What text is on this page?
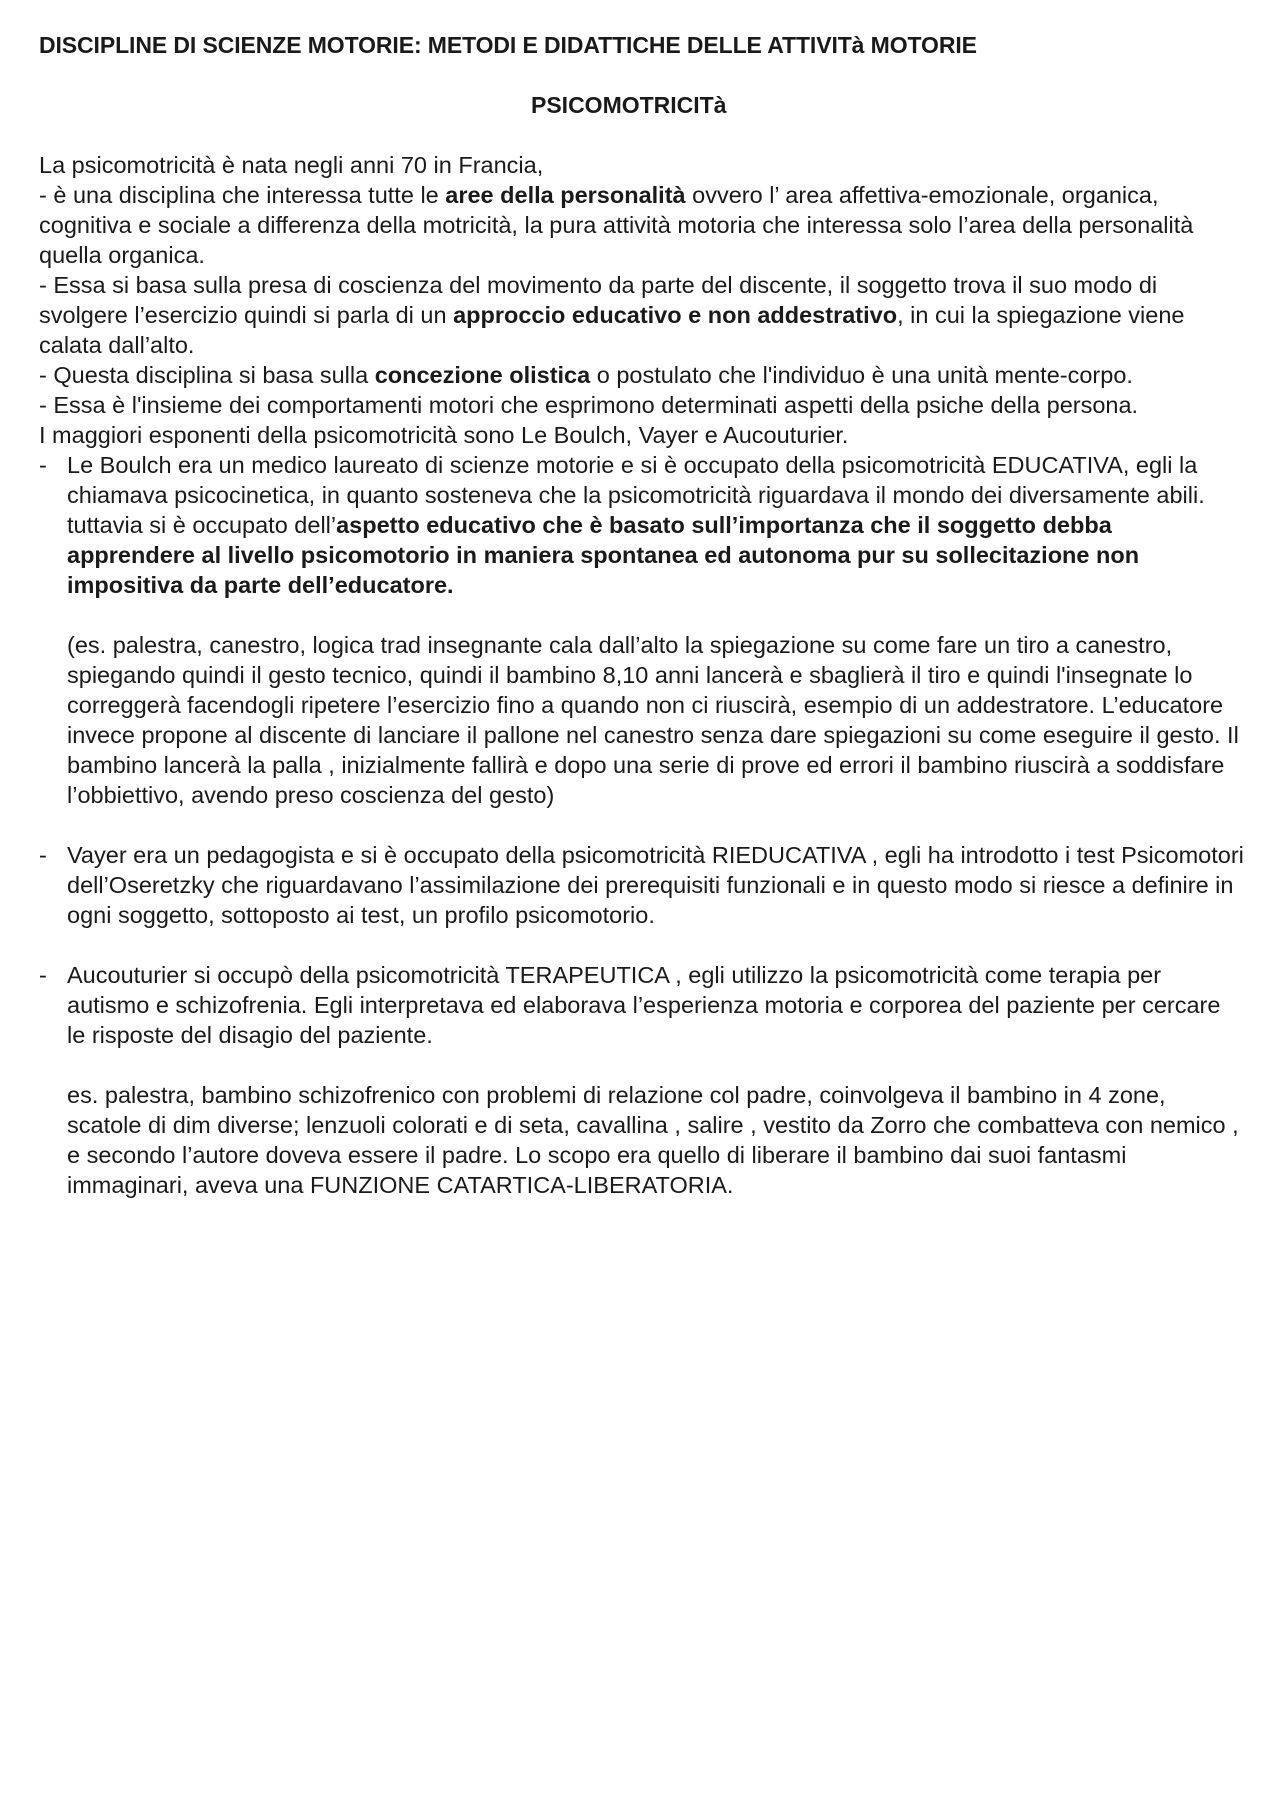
DISCIPLINE DI SCIENZE MOTORIE: METODI E DIDATTICHE DELLE ATTIVITà MOTORIE
PSICOMOTRICITà

La psicomotricità è nata negli anni 70 in Francia,

- è una disciplina che interessa tutte le aree della personalità ovvero l’ area affettiva-emozionale, organica, cognitiva e sociale a differenza della motricità, la pura attività motoria che interessa solo l’area della personalità quella organica.

- Essa si basa sulla presa di coscienza del movimento da parte del discente, il soggetto trova il suo modo di svolgere l’esercizio quindi si parla di un approccio educativo e non addestrativo, in cui la spiegazione viene calata dall’alto.

- Questa disciplina si basa sulla concezione olistica o postulato che l'individuo è una unità mente-corpo.

- Essa è l'insieme dei comportamenti motori che esprimono determinati aspetti della psiche della persona.

I maggiori esponenti della psicomotricità sono Le Boulch, Vayer e Aucouturier.

- Le Boulch era un medico laureato di scienze motorie e si è occupato della psicomotricità EDUCATIVA, egli la chiamava psicocinetica, in quanto sosteneva che la psicomotricità riguardava il mondo dei diversamente abili. tuttavia si è occupato dell’aspetto educativo che è basato sull’importanza che il soggetto debba apprendere al livello psicomotorio in maniera spontanea ed autonoma pur su sollecitazione non impositiva da parte dell’educatore.

(es. palestra, canestro, logica trad insegnante cala dall’alto la spiegazione su come fare un tiro a canestro, spiegando quindi il gesto tecnico, quindi il bambino 8,10 anni lancerà e sbaglierà il tiro e quindi l'insegnate lo correggerà facendogli ripetere l’esercizio fino a quando non ci riuscirà, esempio di un addestratore. L’educatore invece propone al discente di lanciare il pallone nel canestro senza dare spiegazioni su come eseguire il gesto. Il bambino lancerà la palla , inizialmente fallirà e dopo una serie di prove ed errori il bambino riuscirà a soddisfare l’obbiettivo, avendo preso coscienza del gesto)

- Vayer era un pedagogista e si è occupato della psicomotricità RIEDUCATIVA , egli ha introdotto i test Psicomotori dell’Oseretzky che riguardavano l’assimilazione dei prerequisiti funzionali e in questo modo si riesce a definire in ogni soggetto, sottoposto ai test, un profilo psicomotorio.
- Aucouturier si occupò della psicomotricità TERAPEUTICA , egli utilizzo la psicomotricità come terapia per autismo e schizofrenia. Egli interpretava ed elaborava l’esperienza motoria e corporea del paziente per cercare le risposte del disagio del paziente.

es. palestra, bambino schizofrenico con problemi di relazione col padre, coinvolgeva il bambino in 4 zone, scatole di dim diverse; lenzuoli colorati e di seta, cavallina , salire , vestito da Zorro che combatteva con nemico , e secondo l’autore doveva essere il padre. Lo scopo era quello di liberare il bambino dai suoi fantasmi immaginari, aveva una FUNZIONE CATARTICA-LIBERATORIA.
